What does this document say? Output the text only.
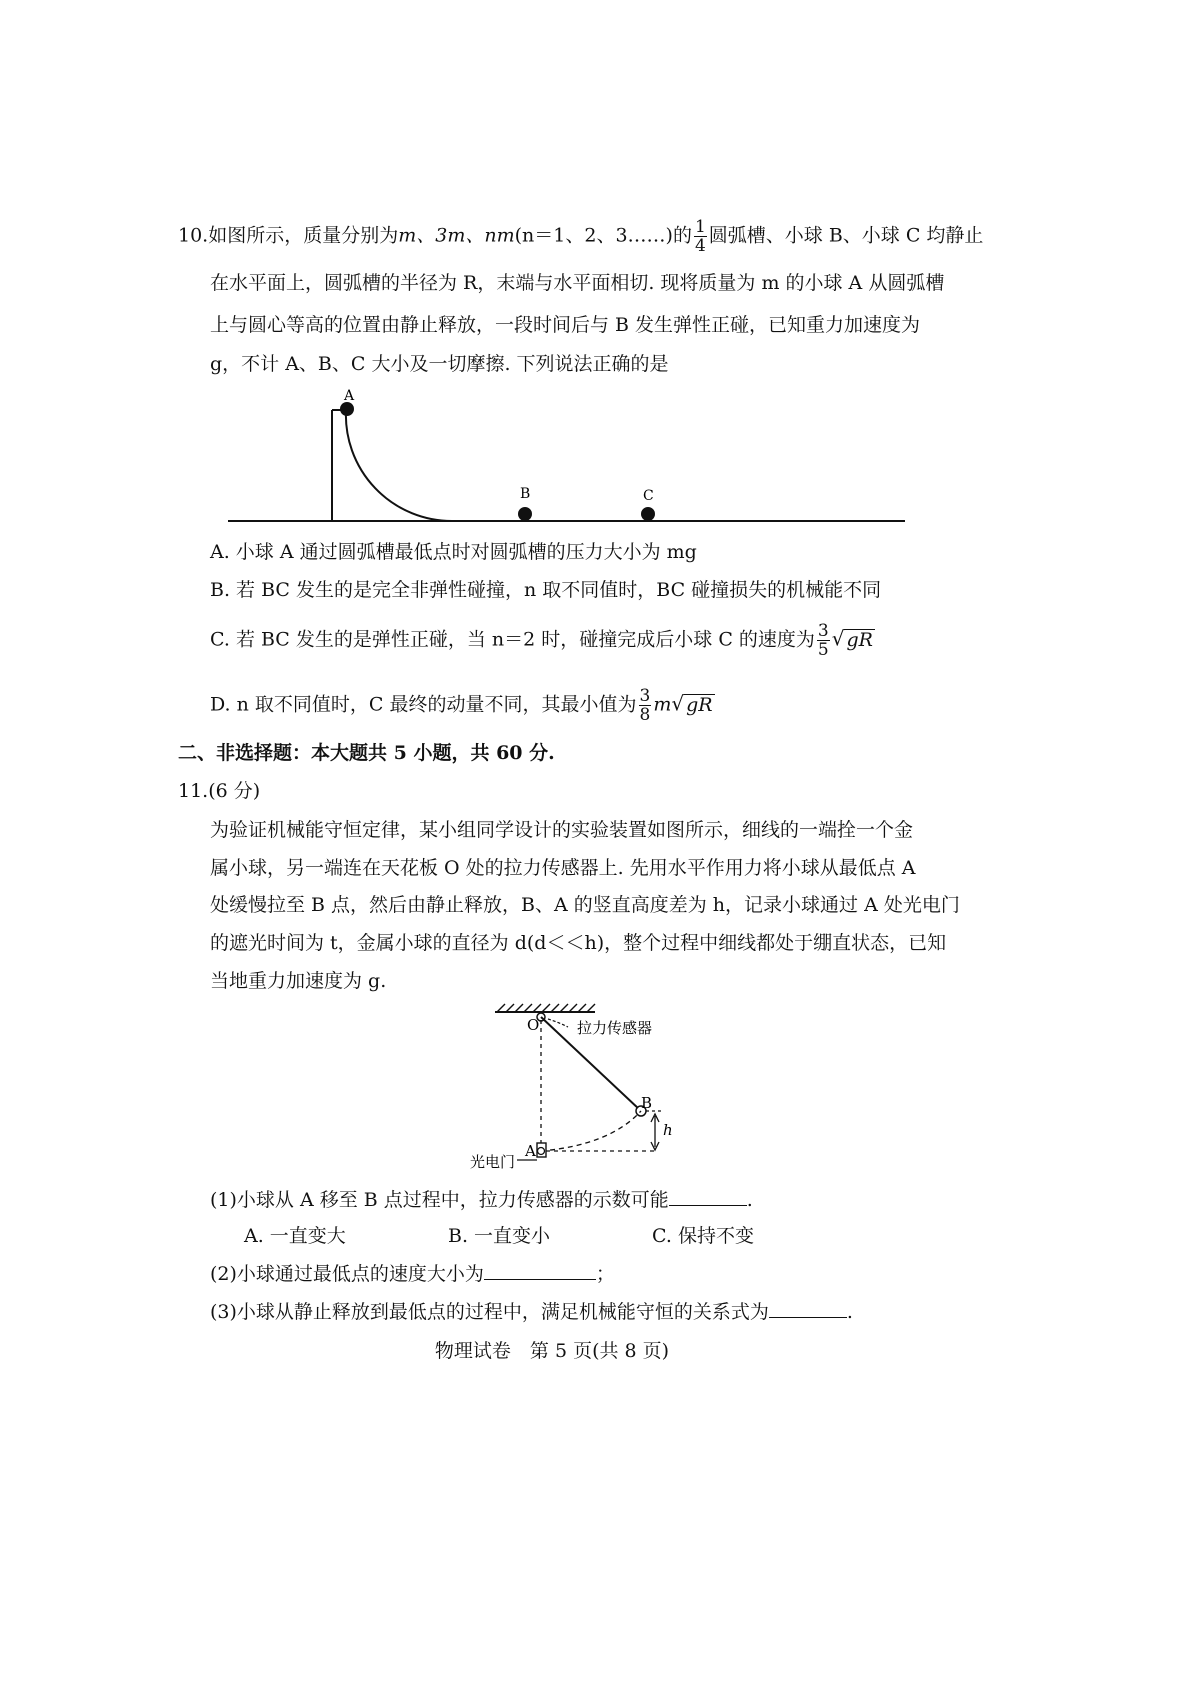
10.如图所示，质量分别为m、3m、nm(n＝1、2、3……)的 $\frac{1}{4}$ 圆弧槽、小球 B、小球 C 均静止
在水平面上，圆弧槽的半径为 R，末端与水平面相切. 现将质量为 m 的小球 A 从圆弧槽
上与圆心等高的位置由静止释放，一段时间后与 B 发生弹性正碰，已知重力加速度为
g，不计 A、B、C 大小及一切摩擦. 下列说法正确的是
A
B	C
A. 小球 A 通过圆弧槽最低点时对圆弧槽的压力大小为 mg
B. 若 BC 发生的是完全非弹性碰撞，n 取不同值时，BC 碰撞损失的机械能不同
C. 若 BC 发生的是弹性正碰，当 n＝2 时，碰撞完成后小球 C 的速度为 $\frac{3}{5}$ √ gR
D. n 取不同值时，C 最终的动量不同，其最小值为 $\frac{3}{8} m√$ gR
二、非选择题：本大题共 5 小题，共 60 分.
11.(6 分)
为验证机械能守恒定律，某小组同学设计的实验装置如图所示，细线的一端拴一个金
属小球，另一端连在天花板 O 处的拉力传感器上. 先用水平作用力将小球从最低点 A
处缓慢拉至 B 点，然后由静止释放，B、A 的竖直高度差为 h，记录小球通过 A 处光电门
的遮光时间为 t，金属小球的直径为 d(d＜＜h)，整个过程中细线都处于绷直状态，已知
当地重力加速度为 g.
O	拉力传感器
B
h
A
光电门
(1)小球从 A 移至 B 点过程中，拉力传感器的示数可能	.
A. 一直变大	B. 一直变小	C. 保持不变
(2)小球通过最低点的速度大小为	；
(3)小球从静止释放到最低点的过程中，满足机械能守恒的关系式为	.
物理试卷　第 5 页(共 8 页)
